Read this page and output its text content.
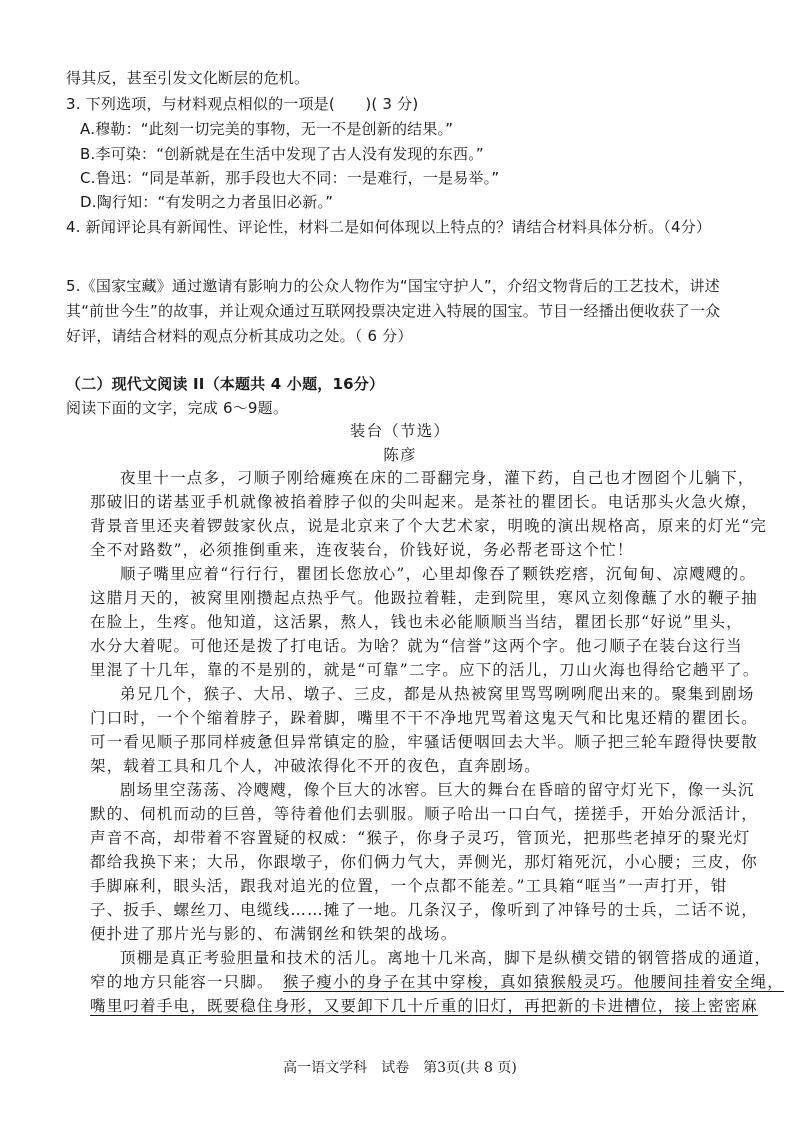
得其反，甚至引发文化断层的危机。
3. 下列选项，与材料观点相似的一项是(　　)( 3 分)
A.穆勒：“此刻一切完美的事物，无一不是创新的结果。”
B.李可染：“创新就是在生活中发现了古人没有发现的东西。”
C.鲁迅：“同是革新，那手段也大不同：一是难行，一是易举。”
D.陶行知：“有发明之力者虽旧必新。”
4. 新闻评论具有新闻性、评论性，材料二是如何体现以上特点的？请结合材料具体分析。（4分）
5.《国家宝藏》通过邀请有影响力的公众人物作为“国宝守护人”，介绍文物背后的工艺技术，讲述
其“前世今生”的故事，并让观众通过互联网投票决定进入特展的国宝。节目一经播出便收获了一众
好评，请结合材料的观点分析其成功之处。（ 6 分）
（二）现代文阅读 II（本题共 4 小题，16分）
阅读下面的文字，完成 6～9题。
装台（节选）
陈彦
夜里十一点多，刁顺子刚给瘫痪在床的二哥翻完身，灌下药，自己也才囫囵个儿躺下，
那破旧的诺基亚手机就像被掐着脖子似的尖叫起来。是茶社的瞿团长。电话那头火急火燎，
背景音里还夹着锣鼓家伙点，说是北京来了个大艺术家，明晚的演出规格高，原来的灯光“完
全不对路数”，必须推倒重来，连夜装台，价钱好说，务必帮老哥这个忙！
顺子嘴里应着“行行行，瞿团长您放心”，心里却像吞了颗铁疙瘩，沉甸甸、凉飕飕的。
这腊月天的，被窝里刚攒起点热乎气。他趿拉着鞋，走到院里，寒风立刻像蘸了水的鞭子抽
在脸上，生疼。他知道，这活累，熬人，钱也未必能顺顺当当结，瞿团长那“好说”里头，
水分大着呢。可他还是拨了打电话。为啥？就为“信誉”这两个字。他刁顺子在装台这行当
里混了十几年，靠的不是别的，就是“可靠”二字。应下的活儿，刀山火海也得给它趟平了。
弟兄几个，猴子、大吊、墩子、三皮，都是从热被窝里骂骂咧咧爬出来的。聚集到剧场
门口时，一个个缩着脖子，跺着脚，嘴里不干不净地咒骂着这鬼天气和比鬼还精的瞿团长。
可一看见顺子那同样疲惫但异常镇定的脸，牢骚话便咽回去大半。顺子把三轮车蹬得快要散
架，载着工具和几个人，冲破浓得化不开的夜色，直奔剧场。
剧场里空荡荡、冷飕飕，像个巨大的冰窖。巨大的舞台在昏暗的留守灯光下，像一头沉
默的、伺机而动的巨兽，等待着他们去驯服。顺子哈出一口白气，搓搓手，开始分派活计，
声音不高，却带着不容置疑的权威：“猴子，你身子灵巧，管顶光，把那些老掉牙的聚光灯
都给我换下来；大吊，你跟墩子，你们俩力气大，弄侧光，那灯箱死沉，小心腰；三皮，你
手脚麻利，眼头活，跟我对追光的位置，一个点都不能差。”工具箱“哐当”一声打开，钳
子、扳手、螺丝刀、电缆线……摊了一地。几条汉子，像听到了冲锋号的士兵，二话不说，
便扑进了那片光与影的、布满钢丝和铁架的战场。
顶棚是真正考验胆量和技术的活儿。离地十几米高，脚下是纵横交错的钢管搭成的通道，
窄的地方只能容一只脚。 猴子瘦小的身子在其中穿梭，真如猿猴般灵巧。他腰间挂着安全绳，
嘴里叼着手电，既要稳住身形，又要卸下几十斤重的旧灯，再把新的卡进槽位，接上密密麻
高一语文学科　试卷　第3页(共 8 页)
